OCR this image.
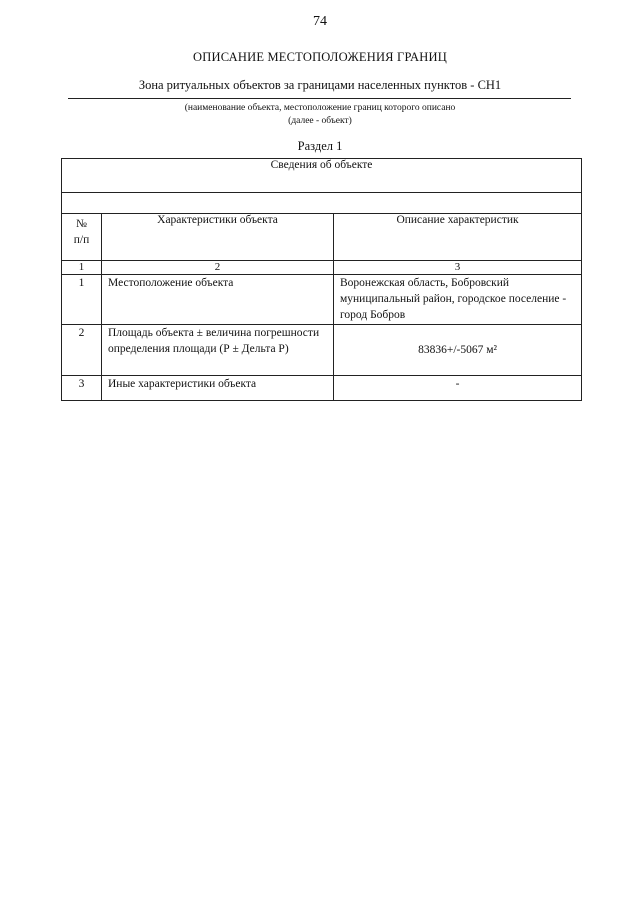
74
ОПИСАНИЕ МЕСТОПОЛОЖЕНИЯ ГРАНИЦ
Зона ритуальных объектов за границами населенных пунктов - СН1
(наименование объекта, местоположение границ которого описано
(далее - объект)
Раздел 1
Сведения об объекте		

№
п/п	Характеристики объекта	Описание характеристик
1	2	3
1	Местоположение объекта	Воронежская область, Бобровский муниципальный район, городское поселение - город Бобров
2	Площадь объекта ± величина погрешности определения площади (Р ± Дельта Р)	83836+/-5067 м²
3	Иные характеристики объекта	-
